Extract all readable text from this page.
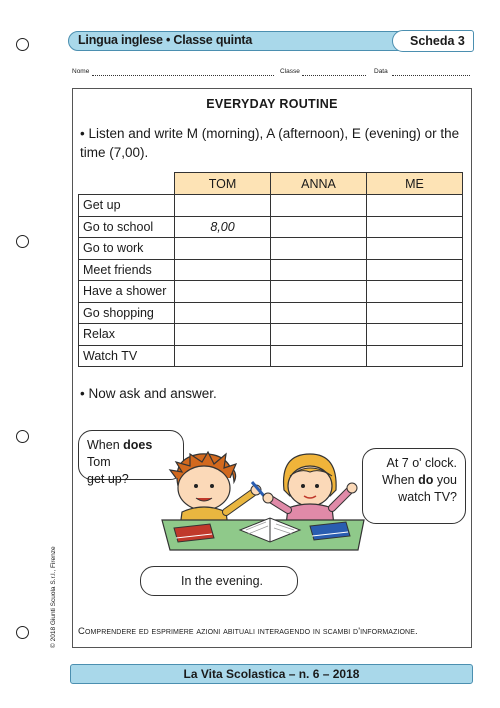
Lingua inglese • Classe quinta	Scheda 3
Nome	Classe	Data
EVERYDAY ROUTINE
• Listen and write M (morning), A (afternoon), E (evening) or the time (7,00).
	TOM	ANNA	ME
Get up			
Go to school	8,00		
Go to work			
Meet friends			
Have a shower			
Go shopping			
Relax			
Watch TV			
• Now ask and answer.
When does Tom
get up?
At 7 o' clock.
When do you
watch TV?
In the evening.
Comprendere ed esprimere azioni abituali interagendo in scambi d'informazione.
© 2018 Giunti Scuola S.r.l., Firenze
La Vita Scolastica – n. 6 – 2018
